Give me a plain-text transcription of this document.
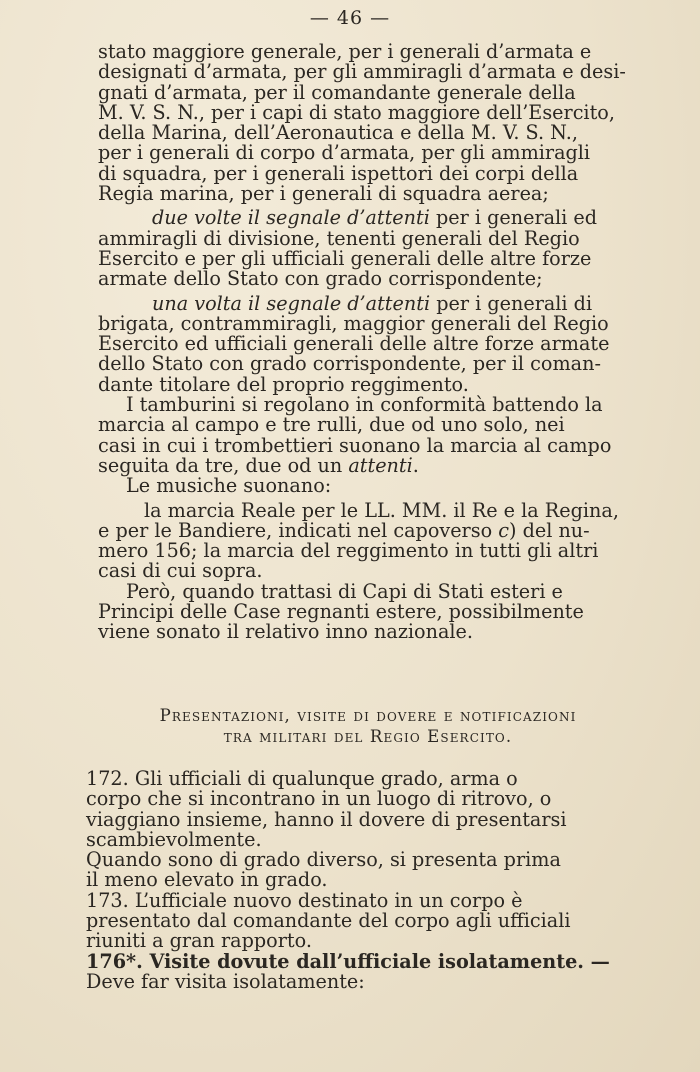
— 46 —
stato maggiore generale, per i generali d’armata e
designati d’armata, per gli ammiragli d’armata e desi-
gnati d’armata, per il comandante generale della
M. V. S. N., per i capi di stato maggiore dell’Esercito,
della Marina, dell’Aeronautica e della M. V. S. N.,
per i generali di corpo d’armata, per gli ammiragli
di squadra, per i generali ispettori dei corpi della
Regia marina, per i generali di squadra aerea;
due volte il segnale d’attenti per i generali ed
ammiragli di divisione, tenenti generali del Regio
Esercito e per gli ufficiali generali delle altre forze
armate dello Stato con grado corrispondente;
una volta il segnale d’attenti per i generali di
brigata, contrammiragli, maggior generali del Regio
Esercito ed ufficiali generali delle altre forze armate
dello Stato con grado corrispondente, per il coman-
dante titolare del proprio reggimento.
I tamburini si regolano in conformità battendo la
marcia al campo e tre rulli, due od uno solo, nei
casi in cui i trombettieri suonano la marcia al campo
seguita da tre, due od un attenti.
Le musiche suonano:
la marcia Reale per le LL. MM. il Re e la Regina,
e per le Bandiere, indicati nel capoverso c) del nu-
mero 156; la marcia del reggimento in tutti gli altri
casi di cui sopra.
Però, quando trattasi di Capi di Stati esteri e
Principi delle Case regnanti estere, possibilmente
viene sonato il relativo inno nazionale.
Presentazioni, visite di dovere e notificazioni
tra militari del Regio Esercito.
172. Gli ufficiali di qualunque grado, arma o
corpo che si incontrano in un luogo di ritrovo, o
viaggiano insieme, hanno il dovere di presentarsi
scambievolmente.
Quando sono di grado diverso, si presenta prima
il meno elevato in grado.
173. L’ufficiale nuovo destinato in un corpo è
presentato dal comandante del corpo agli ufficiali
riuniti a gran rapporto.
176*. Visite dovute dall’ufficiale isolatamente. —
Deve far visita isolatamente:
